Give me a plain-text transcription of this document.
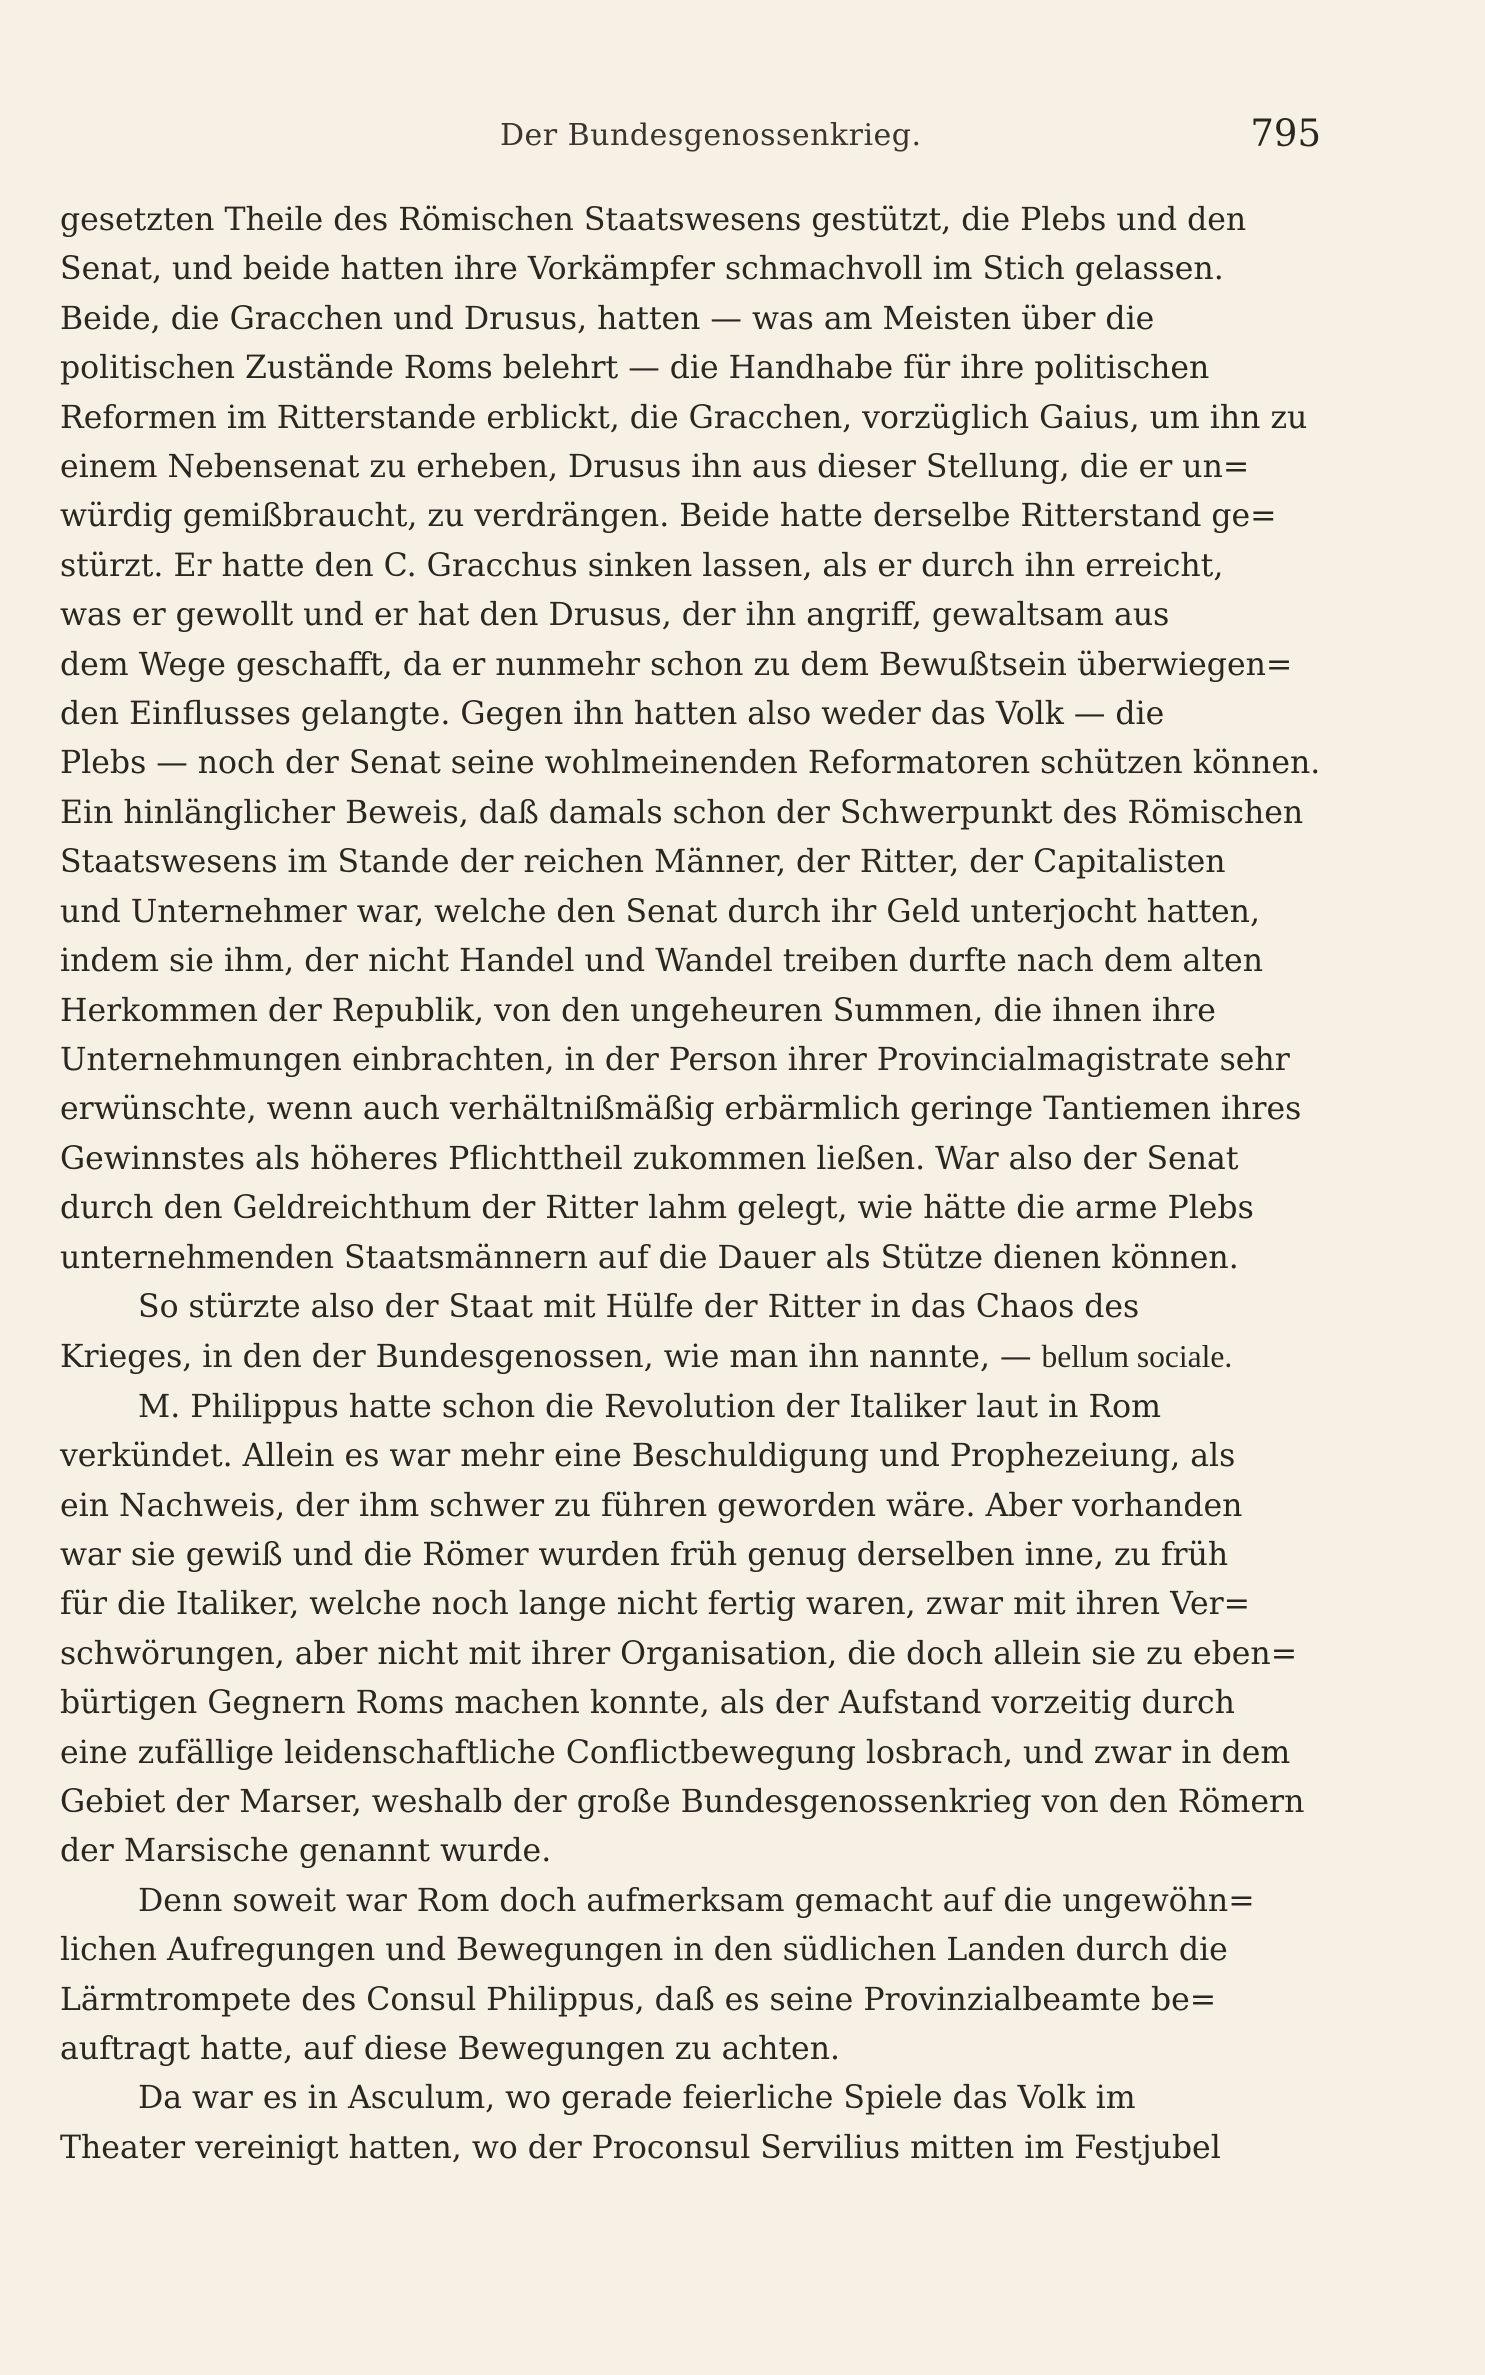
Der Bundesgenossenkrieg.	795
gesetzten Theile des Römischen Staatswesens gestützt, die Plebs und den
Senat, und beide hatten ihre Vorkämpfer schmachvoll im Stich gelassen.
Beide, die Gracchen und Drusus, hatten — was am Meisten über die
politischen Zustände Roms belehrt — die Handhabe für ihre politischen
Reformen im Ritterstande erblickt, die Gracchen, vorzüglich Gaius, um ihn zu
einem Nebensenat zu erheben, Drusus ihn aus dieser Stellung, die er un=
würdig gemißbraucht, zu verdrängen. Beide hatte derselbe Ritterstand ge=
stürzt. Er hatte den C. Gracchus sinken lassen, als er durch ihn erreicht,
was er gewollt und er hat den Drusus, der ihn angriff, gewaltsam aus
dem Wege geschafft, da er nunmehr schon zu dem Bewußtsein überwiegen=
den Einflusses gelangte. Gegen ihn hatten also weder das Volk — die
Plebs — noch der Senat seine wohlmeinenden Reformatoren schützen können.
Ein hinlänglicher Beweis, daß damals schon der Schwerpunkt des Römischen
Staatswesens im Stande der reichen Männer, der Ritter, der Capitalisten
und Unternehmer war, welche den Senat durch ihr Geld unterjocht hatten,
indem sie ihm, der nicht Handel und Wandel treiben durfte nach dem alten
Herkommen der Republik, von den ungeheuren Summen, die ihnen ihre
Unternehmungen einbrachten, in der Person ihrer Provincialmagistrate sehr
erwünschte, wenn auch verhältnißmäßig erbärmlich geringe Tantiemen ihres
Gewinnstes als höheres Pflichttheil zukommen ließen. War also der Senat
durch den Geldreichthum der Ritter lahm gelegt, wie hätte die arme Plebs
unternehmenden Staatsmännern auf die Dauer als Stütze dienen können.
So stürzte also der Staat mit Hülfe der Ritter in das Chaos des
Krieges, in den der Bundesgenossen, wie man ihn nannte, — bellum sociale.
M. Philippus hatte schon die Revolution der Italiker laut in Rom
verkündet. Allein es war mehr eine Beschuldigung und Prophezeiung, als
ein Nachweis, der ihm schwer zu führen geworden wäre. Aber vorhanden
war sie gewiß und die Römer wurden früh genug derselben inne, zu früh
für die Italiker, welche noch lange nicht fertig waren, zwar mit ihren Ver=
schwörungen, aber nicht mit ihrer Organisation, die doch allein sie zu eben=
bürtigen Gegnern Roms machen konnte, als der Aufstand vorzeitig durch
eine zufällige leidenschaftliche Conflictbewegung losbrach, und zwar in dem
Gebiet der Marser, weshalb der große Bundesgenossenkrieg von den Römern
der Marsische genannt wurde.
Denn soweit war Rom doch aufmerksam gemacht auf die ungewöhn=
lichen Aufregungen und Bewegungen in den südlichen Landen durch die
Lärmtrompete des Consul Philippus, daß es seine Provinzialbeamte be=
auftragt hatte, auf diese Bewegungen zu achten.
Da war es in Asculum, wo gerade feierliche Spiele das Volk im
Theater vereinigt hatten, wo der Proconsul Servilius mitten im Festjubel
